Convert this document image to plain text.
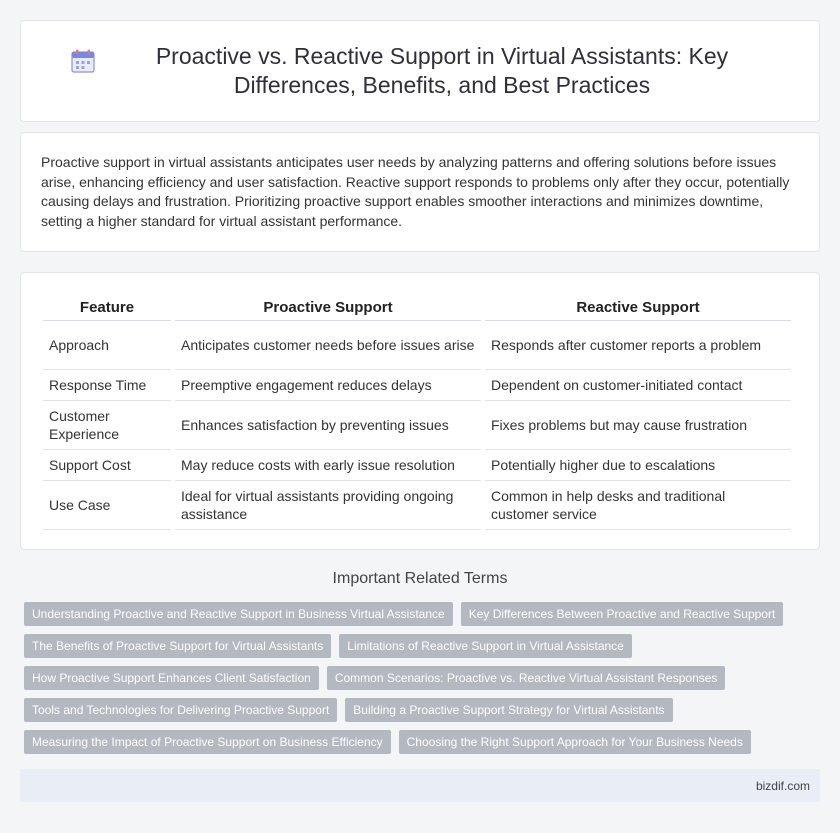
Proactive vs. Reactive Support in Virtual Assistants: Key Differences, Benefits, and Best Practices

Proactive support in virtual assistants anticipates user needs by analyzing patterns and offering solutions before issues arise, enhancing efficiency and user satisfaction. Reactive support responds to problems only after they occur, potentially causing delays and frustration. Prioritizing proactive support enables smoother interactions and minimizes downtime, setting a higher standard for virtual assistant performance.

Feature	Proactive Support	Reactive Support
Approach	Anticipates customer needs before issues arise	Responds after customer reports a problem
Response Time	Preemptive engagement reduces delays	Dependent on customer-initiated contact
Customer Experience	Enhances satisfaction by preventing issues	Fixes problems but may cause frustration
Support Cost	May reduce costs with early issue resolution	Potentially higher due to escalations
Use Case	Ideal for virtual assistants providing ongoing assistance	Common in help desks and traditional customer service
Important Related Terms
Understanding Proactive and Reactive Support in Business Virtual Assistance	Key Differences Between Proactive and Reactive Support
The Benefits of Proactive Support for Virtual Assistants	Limitations of Reactive Support in Virtual Assistance
How Proactive Support Enhances Client Satisfaction	Common Scenarios: Proactive vs. Reactive Virtual Assistant Responses
Tools and Technologies for Delivering Proactive Support	Building a Proactive Support Strategy for Virtual Assistants
Measuring the Impact of Proactive Support on Business Efficiency	Choosing the Right Support Approach for Your Business Needs
bizdif.com
